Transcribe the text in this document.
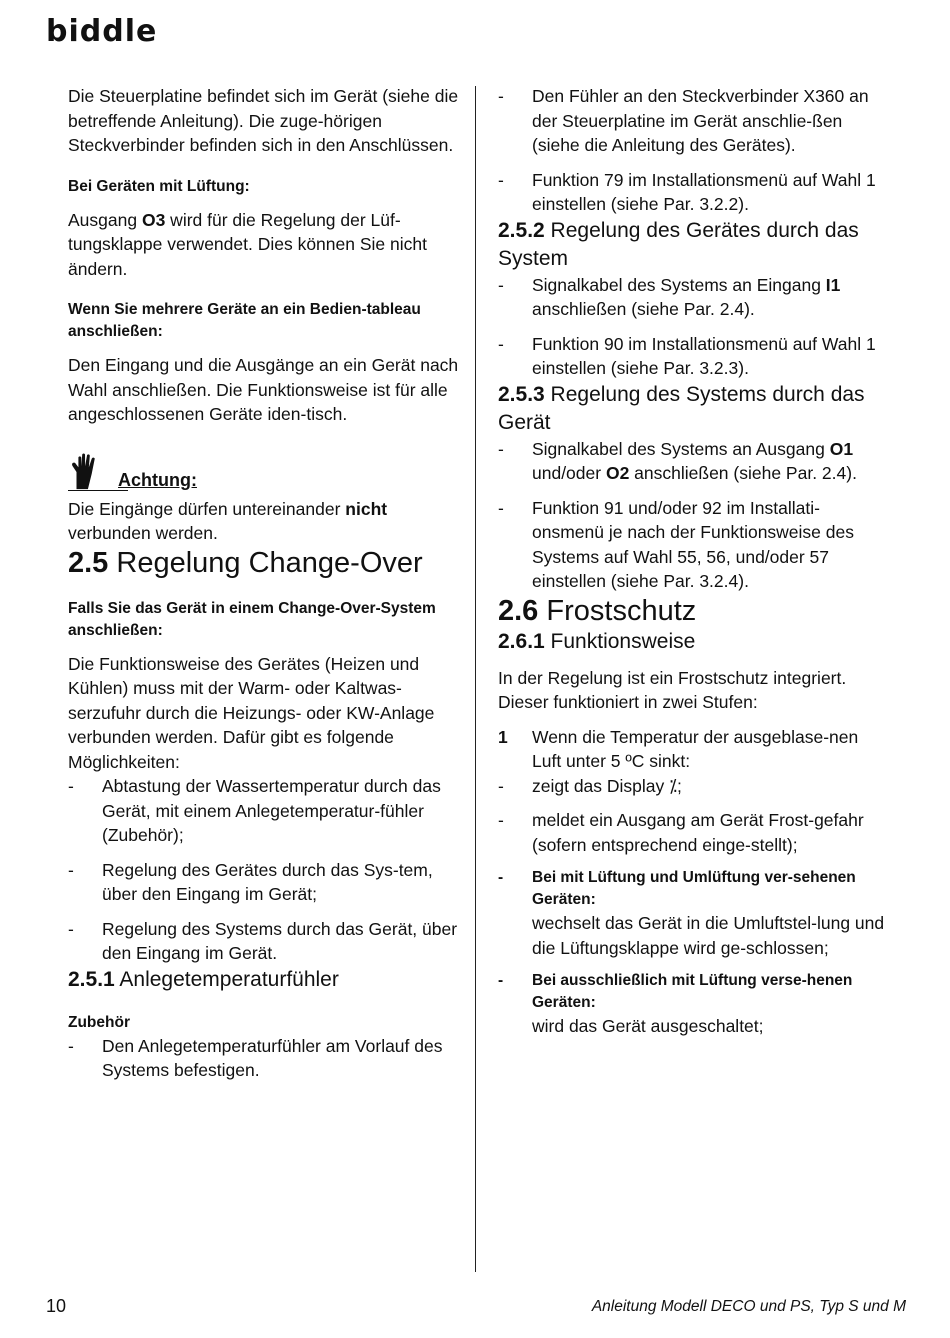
biddle

Die Steuerplatine befindet sich im Gerät (siehe die betreffende Anleitung). Die zuge-hörigen Steckverbinder befinden sich in den Anschlüssen.

Bei Geräten mit Lüftung:

Ausgang O3 wird für die Regelung der Lüf-tungsklappe verwendet. Dies können Sie nicht ändern.

Wenn Sie mehrere Geräte an ein Bedien-tableau anschließen:

Den Eingang und die Ausgänge an ein Gerät nach Wahl anschließen. Die Funktionsweise ist für alle angeschlossenen Geräte iden-tisch.

Achtung:

Die Eingänge dürfen untereinander nicht verbunden werden.

2.5 Regelung Change-Over

Falls Sie das Gerät in einem Change-Over-System anschließen:

Die Funktionsweise des Gerätes (Heizen und Kühlen) muss mit der Warm- oder Kaltwas-serzufuhr durch die Heizungs- oder KW-Anlage verbunden werden. Dafür gibt es folgende Möglichkeiten:

- Abtastung der Wassertemperatur durch das Gerät, mit einem Anlegetemperatur-fühler (Zubehör);
- Regelung des Gerätes durch das Sys-tem, über den Eingang im Gerät;
- Regelung des Systems durch das Gerät, über den Eingang im Gerät.
2.5.1 Anlegetemperaturfühler

Zubehör

- Den Anlegetemperaturfühler am Vorlauf des Systems befestigen.
- Den Fühler an den Steckverbinder X360 an der Steuerplatine im Gerät anschlie-ßen (siehe die Anleitung des Gerätes).
- Funktion 79 im Installationsmenü auf Wahl 1 einstellen (siehe Par. 3.2.2).
2.5.2 Regelung des Gerätes durch das System
- Signalkabel des Systems an Eingang I1 anschließen (siehe Par. 2.4).
- Funktion 90 im Installationsmenü auf Wahl 1 einstellen (siehe Par. 3.2.3).
2.5.3 Regelung des Systems durch das Gerät
- Signalkabel des Systems an Ausgang O1 und/oder O2 anschließen (siehe Par. 2.4).
- Funktion 91 und/oder 92 im Installati-onsmenü je nach der Funktionsweise des Systems auf Wahl 55, 56, und/oder 57 einstellen (siehe Par. 3.2.4).
2.6 Frostschutz
2.6.1 Funktionsweise

In der Regelung ist ein Frostschutz integriert. Dieser funktioniert in zwei Stufen:

1 Wenn die Temperatur der ausgeblase-nen Luft unter 5 ºC sinkt:
- zeigt das Display ⁒;
- meldet ein Ausgang am Gerät Frost-gefahr (sofern entsprechend einge-stellt);
- Bei mit Lüftung und Umlüftung ver-sehenen Geräten:
wechselt das Gerät in die Umluftstel-lung und die Lüftungsklappe wird ge-schlossen;
- Bei ausschließlich mit Lüftung verse-henen Geräten:
wird das Gerät ausgeschaltet;
10	Anleitung Modell DECO und PS, Typ S und M
